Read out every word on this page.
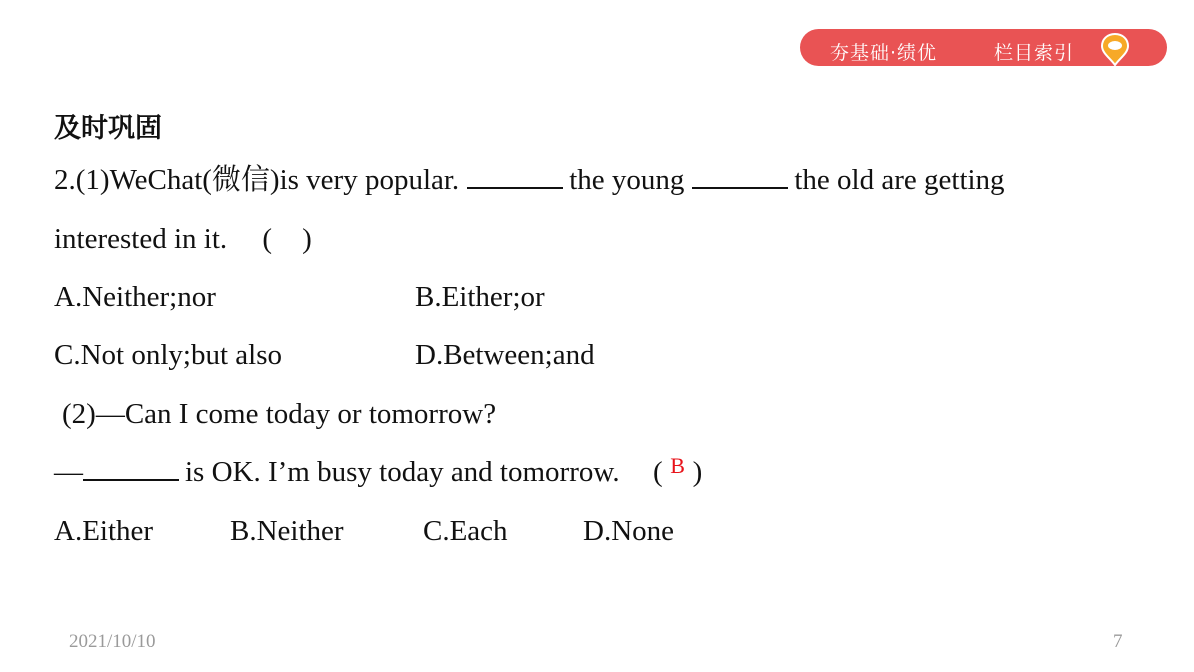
夯基础·绩优	栏目索引
及时巩固
2.(1)WeChat(微信)is very popular.	the young	the old are getting
interested in it. ( )
A.Neither;nor	B.Either;or
C.Not only;but also	D.Between;and
(2)—Can I come today or tomorrow?
—	is OK. I’m busy today and tomorrow. ( B )
A.Either	B.Neither	C.Each	D.None
2021/10/10	7
